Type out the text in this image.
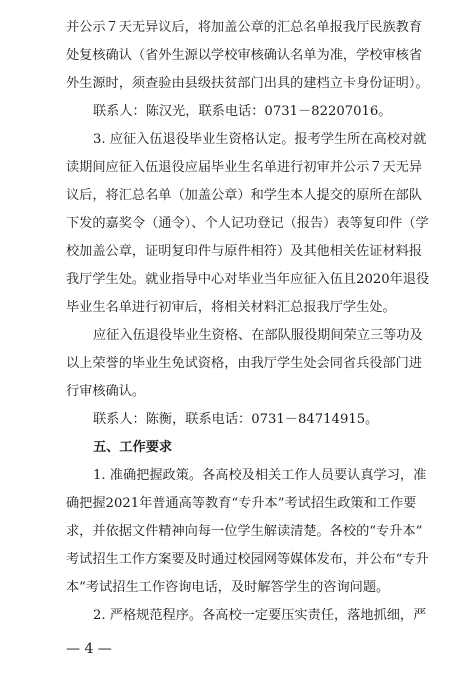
并公示７天无异议后，将加盖公章的汇总名单报我厅民族教育
处复核确认（省外生源以学校审核确认名单为准，学校审核省
外生源时，须查验由县级扶贫部门出具的建档立卡身份证明）。
联系人：陈汉光，联系电话：0731－82207016。
3. 应征入伍退役毕业生资格认定。报考学生所在高校对就
读期间应征入伍退役应届毕业生名单进行初审并公示７天无异
议后，将汇总名单（加盖公章）和学生本人提交的原所在部队
下发的嘉奖令（通令）、个人记功登记（报告）表等复印件（学
校加盖公章，证明复印件与原件相符）及其他相关佐证材料报
我厅学生处。就业指导中心对毕业当年应征入伍且2020年退役
毕业生名单进行初审后，将相关材料汇总报我厅学生处。
应征入伍退役毕业生资格、在部队服役期间荣立三等功及
以上荣誉的毕业生免试资格，由我厅学生处会同省兵役部门进
行审核确认。
联系人：陈衡，联系电话：0731－84714915。
五、工作要求
1. 准确把握政策。各高校及相关工作人员要认真学习，准
确把握2021年普通高等教育“专升本”考试招生政策和工作要
求，并依据文件精神向每一位学生解读清楚。各校的“专升本”
考试招生工作方案要及时通过校园网等媒体发布，并公布“专升
本”考试招生工作咨询电话，及时解答学生的咨询问题。
2. 严格规范程序。各高校一定要压实责任，落地抓细，严
— 4 —
